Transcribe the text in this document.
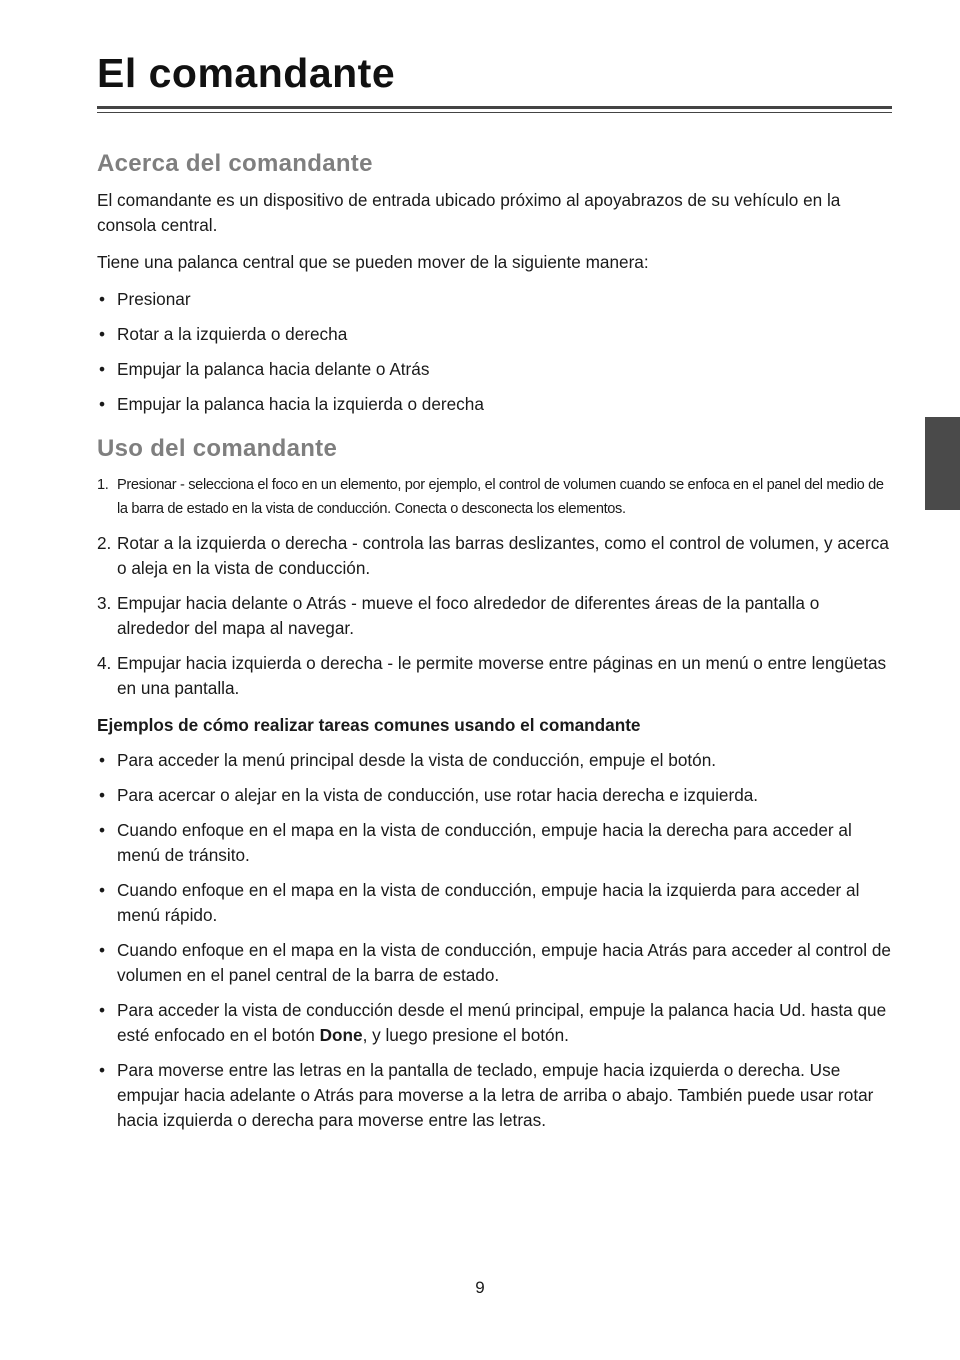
El comandante
Acerca del comandante

El comandante es un dispositivo de entrada ubicado próximo al apoyabrazos de su vehículo en la consola central.

Tiene una palanca central que se pueden mover de la siguiente manera:

• Presionar
• Rotar a la izquierda o derecha
• Empujar la palanca hacia delante o Atrás
• Empujar la palanca hacia la izquierda o derecha
Uso del comandante
1. Presionar - selecciona el foco en un elemento, por ejemplo, el control de volumen cuando se enfoca en el panel del medio de la barra de estado en la vista de conducción. Conecta o desconecta los elementos.
2. Rotar a la izquierda o derecha - controla las barras deslizantes, como el control de volumen, y acerca o aleja en la vista de conducción.
3. Empujar hacia delante o Atrás - mueve el foco alrededor de diferentes áreas de la pantalla o alrededor del mapa al navegar.
4. Empujar hacia izquierda o derecha - le permite moverse entre páginas en un menú o entre lengüetas en una pantalla.

Ejemplos de cómo realizar tareas comunes usando el comandante

• Para acceder la menú principal desde la vista de conducción, empuje el botón.
• Para acercar o alejar en la vista de conducción, use rotar hacia derecha e izquierda.
• Cuando enfoque en el mapa en la vista de conducción, empuje hacia la derecha para acceder al menú de tránsito.
• Cuando enfoque en el mapa en la vista de conducción, empuje hacia la izquierda para acceder al menú rápido.
• Cuando enfoque en el mapa en la vista de conducción, empuje hacia Atrás para acceder al control de volumen en el panel central de la barra de estado.
• Para acceder la vista de conducción desde el menú principal, empuje la palanca hacia Ud. hasta que esté enfocado en el botón Done, y luego presione el botón.
• Para moverse entre las letras en la pantalla de teclado, empuje hacia izquierda o derecha. Use empujar hacia adelante o Atrás para moverse a la letra de arriba o abajo. También puede usar rotar hacia izquierda o derecha para moverse entre las letras.
9
